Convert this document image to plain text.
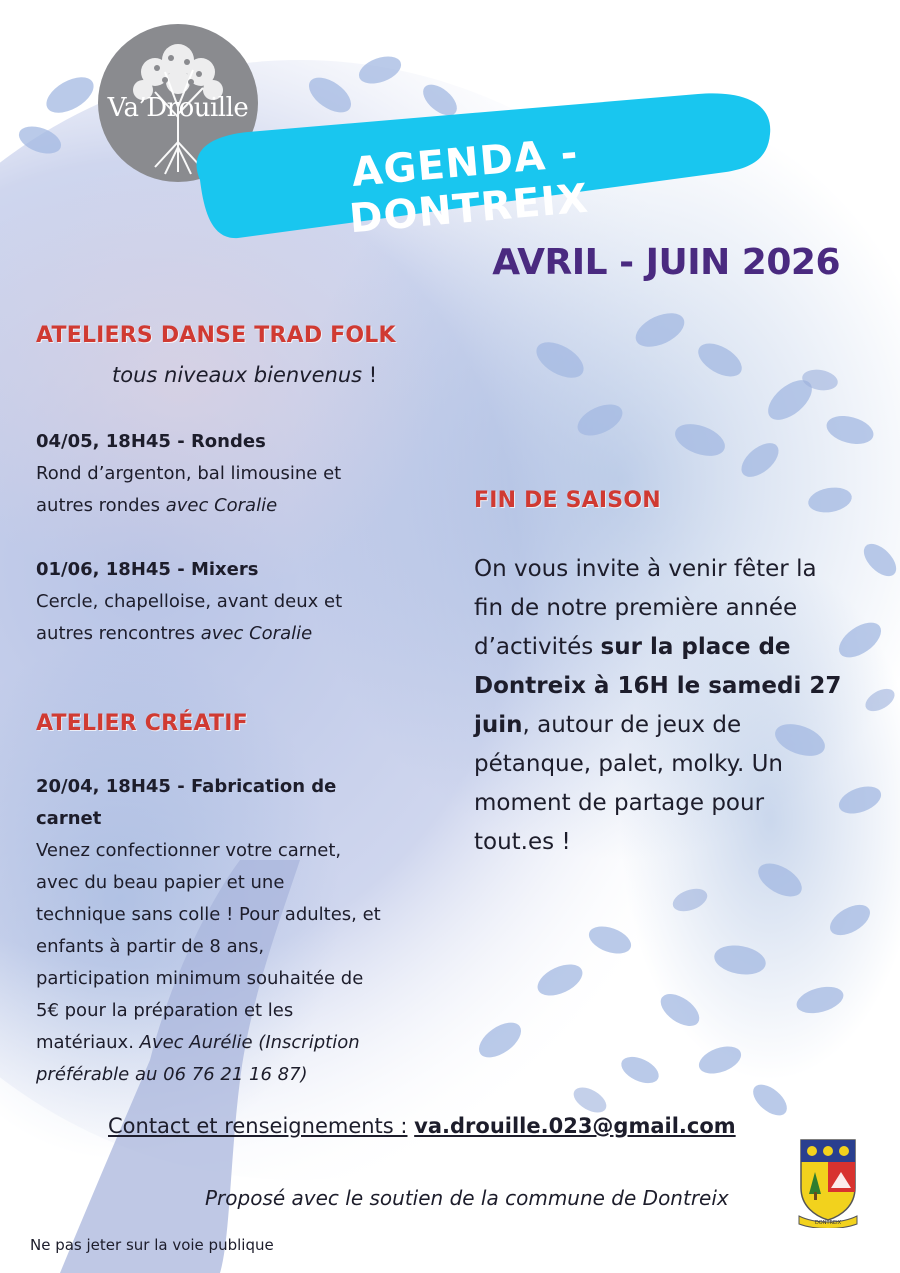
Va’Drouille
AGENDA - DONTREIX
AVRIL - JUIN 2026
ATELIERS DANSE TRAD FOLK
tous niveaux bienvenus !
04/05, 18H45 - Rondes
Rond d’argenton, bal limousine et
autres rondes avec Coralie
01/06, 18H45 - Mixers
Cercle, chapelloise, avant deux et
autres rencontres avec Coralie
ATELIER CRÉATIF
20/04, 18H45 - Fabrication de
carnet
Venez confectionner votre carnet,
avec du beau papier et une
technique sans colle ! Pour adultes, et
enfants à partir de 8 ans,
participation minimum souhaitée de
5€ pour la préparation et les
matériaux. Avec Aurélie (Inscription
préférable au 06 76 21 16 87)
FIN DE SAISON
On vous invite à venir fêter la fin de notre première année d’activités sur la place de Dontreix à 16H le samedi 27 juin, autour de jeux de pétanque, palet, molky. Un moment de partage pour tout.es !
Contact et renseignements : va.drouille.023@gmail.com
Proposé avec le soutien de la commune de Dontreix
Ne pas jeter sur la voie publique
DONTREIX
